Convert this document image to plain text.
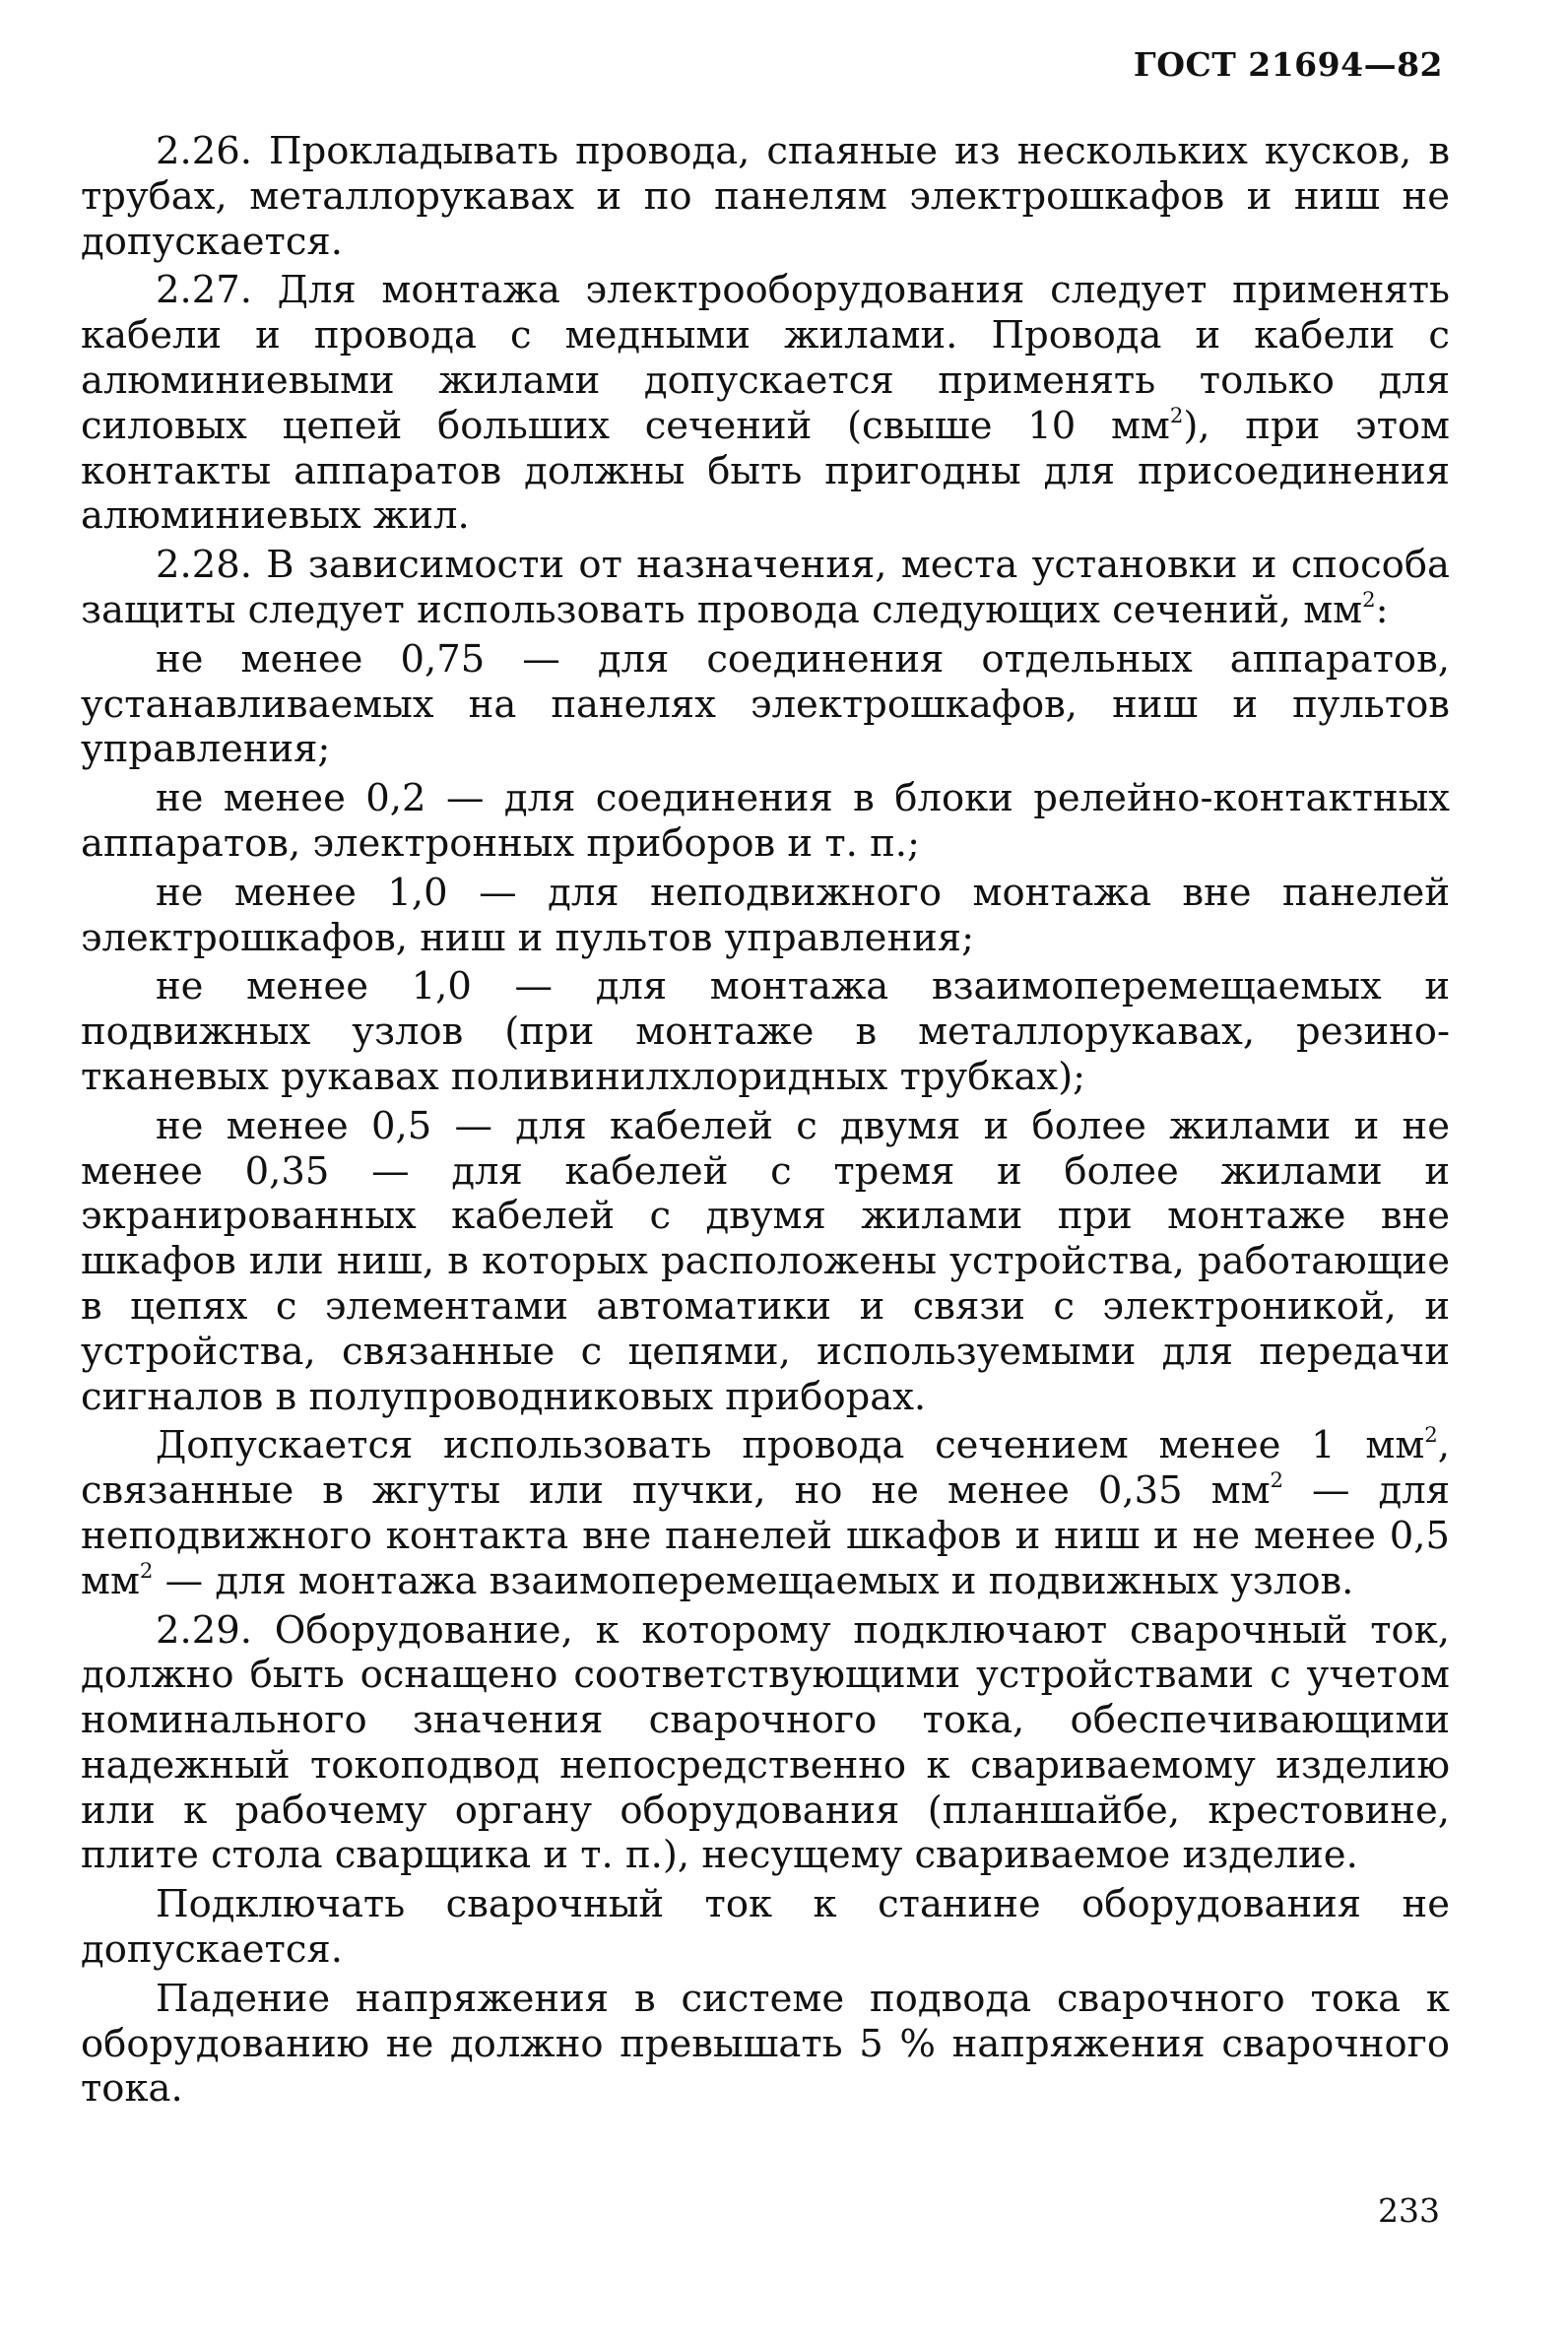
ГОСТ 21694—82

2.26. Прокладывать провода, спаяные из нескольких кусков, в трубах, металлорукавах и по панелям электрошкафов и ниш не допускается.

2.27. Для монтажа электрооборудования следует применять кабели и провода с медными жилами. Провода и кабели с алюминиевыми жилами допускается применять только для силовых цепей больших сечений (свыше 10 $мм^2$), при этом контакты аппаратов должны быть пригодны для присоединения алюминиевых жил.

2.28. В зависимости от назначения, места установки и способа защиты следует использовать провода следующих сечений, $мм^2$:

не менее 0,75 — для соединения отдельных аппаратов, устанавливаемых на панелях электрошкафов, ниш и пультов управления;

не менее 0,2 — для соединения в блоки релейно-контактных аппаратов, электронных приборов и т. п.;

не менее 1,0 — для неподвижного монтажа вне панелей электрошкафов, ниш и пультов управления;

не менее 1,0 — для монтажа взаимоперемещаемых и подвижных узлов (при монтаже в металлорукавах, резино-тканевых рукавах поливинилхлоридных трубках);

не менее 0,5 — для кабелей с двумя и более жилами и не менее 0,35 — для кабелей с тремя и более жилами и экранированных кабелей с двумя жилами при монтаже вне шкафов или ниш, в которых расположены устройства, работающие в цепях с элементами автоматики и связи с электроникой, и устройства, связанные с цепями, используемыми для передачи сигналов в полупроводниковых приборах.

Допускается использовать провода сечением менее 1 $мм^2$, связанные в жгуты или пучки, но не менее 0,35 $мм^2$ — для неподвижного контакта вне панелей шкафов и ниш и не менее 0,5 $мм^2$ — для монтажа взаимоперемещаемых и подвижных узлов.

2.29. Оборудование, к которому подключают сварочный ток, должно быть оснащено соответствующими устройствами с учетом номинального значения сварочного тока, обеспечивающими надежный токоподвод непосредственно к свариваемому изделию или к рабочему органу оборудования (планшайбе, крестовине, плите стола сварщика и т. п.), несущему свариваемое изделие.

Подключать сварочный ток к станине оборудования не допускается.

Падение напряжения в системе подвода сварочного тока к оборудованию не должно превышать 5 % напряжения сварочного тока.

233
